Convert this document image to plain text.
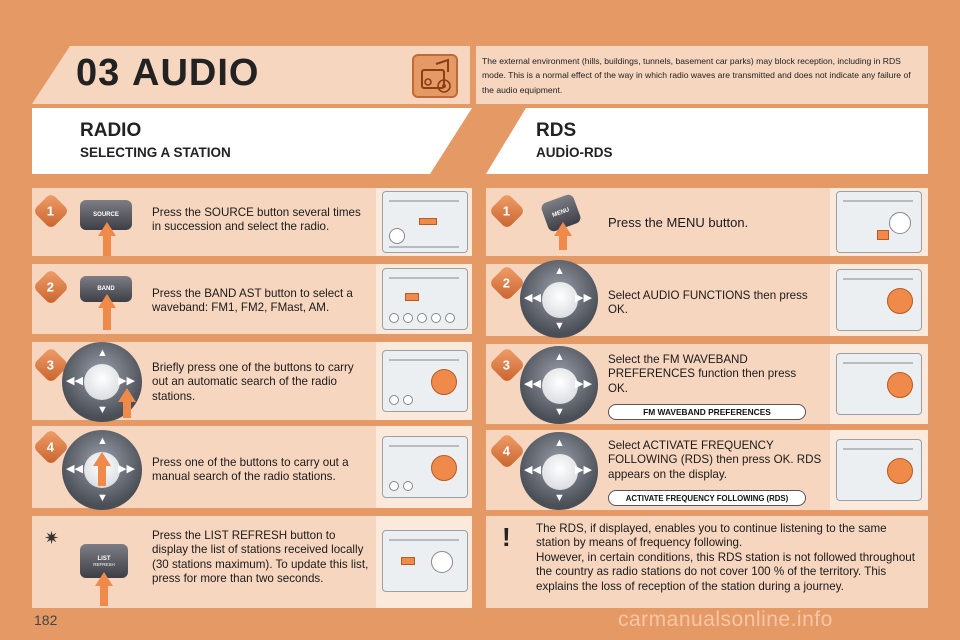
03 AUDIO	The external environment (hills, buildings, tunnels, basement car parks) may block reception, including in RDS mode. This is a normal effect of the way in which radio waves are transmitted and does not indicate any failure of the audio equipment.
RADIO
SELECTING A STATION
RDS
AUDİO-RDS
1	SOURCE	Press the SOURCE button several times in succession and select the radio.
2	BAND	Press the BAND AST button to select a waveband: FM1, FM2, FMast, AM.
3
▲
▼
◀◀	▶▶
Briefly press one of the buttons to carry out an automatic search of the radio stations.
4	▲
▼
◀◀	▶▶ Press one of the buttons to carry out a manual search of the radio stations.
✷
LIST
REFRESH
Press the LIST REFRESH button to display the list of stations received locally (30 stations maximum). To update this list, press for more than two seconds.
1	MENU
Press the MENU button.
2
▲
▼
◀◀	▶▶ Select AUDIO FUNCTIONS then press OK.
3
▲
▼
◀◀	▶▶
Select the FM WAVEBAND PREFERENCES function then press OK.
FM WAVEBAND PREFERENCES
4
▲
▼
◀◀	▶▶
Select ACTIVATE FREQUENCY FOLLOWING (RDS) then press OK. RDS appears on the display.
ACTIVATE FREQUENCY FOLLOWING (RDS)
! The RDS, if displayed, enables you to continue listening to the same station by means of frequency following.
However, in certain conditions, this RDS station is not followed throughout the country as radio stations do not cover 100 % of the territory. This explains the loss of reception of the station during a journey.
182	carmanualsonline.info
